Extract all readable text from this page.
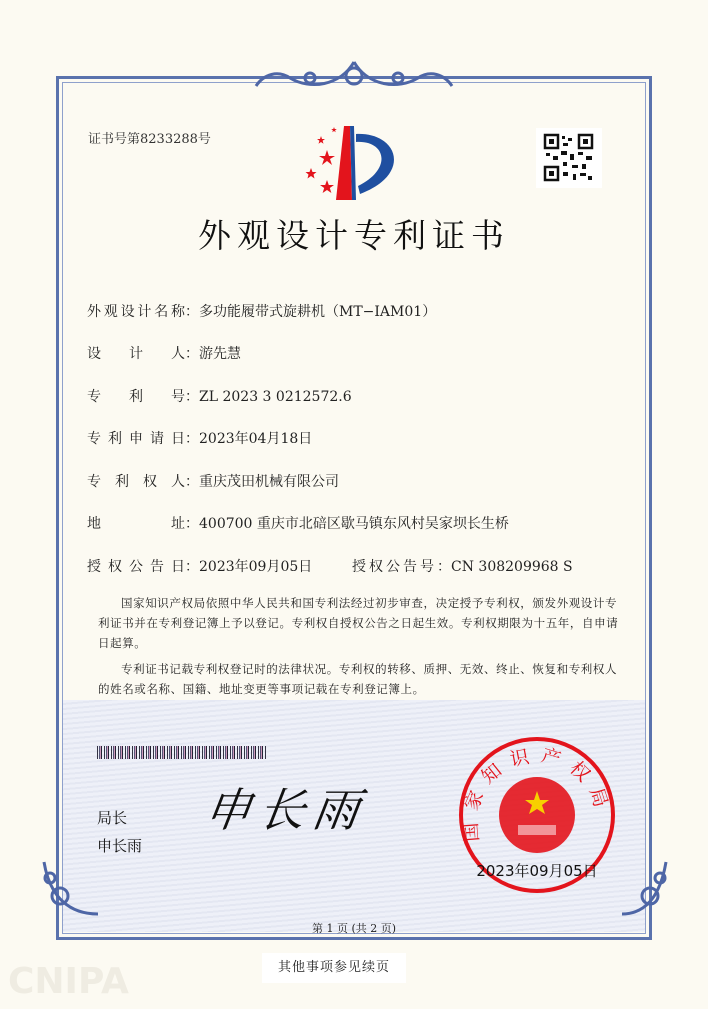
CNIPA
证书号第8233288号
外观设计专利证书
外观设计名称 ： 多功能履带式旋耕机（MT−IAM01）
设计人 ： 游先慧
专利号 ： ZL 2023 3 0212572.6
专利申请日 ： 2023年04月18日
专利权人 ： 重庆茂田机械有限公司
地址 ： 400700 重庆市北碚区歇马镇东风村吴家坝长生桥
授权公告日 ： 2023年09月05日	授权公告号 ： CN 308209968 S

国家知识产权局依照中华人民共和国专利法经过初步审查，决定授予专利权，颁发外观设计专利证书并在专利登记簿上予以登记。专利权自授权公告之日起生效。专利权期限为十五年，自申请日起算。

专利证书记载专利权登记时的法律状况。专利权的转移、质押、无效、终止、恢复和专利权人的姓名或名称、国籍、地址变更等事项记载在专利登记簿上。

局长
申长雨
申长雨	国家知识产权局
2023年09月05日
第 1 页 (共 2 页)
其他事项参见续页
